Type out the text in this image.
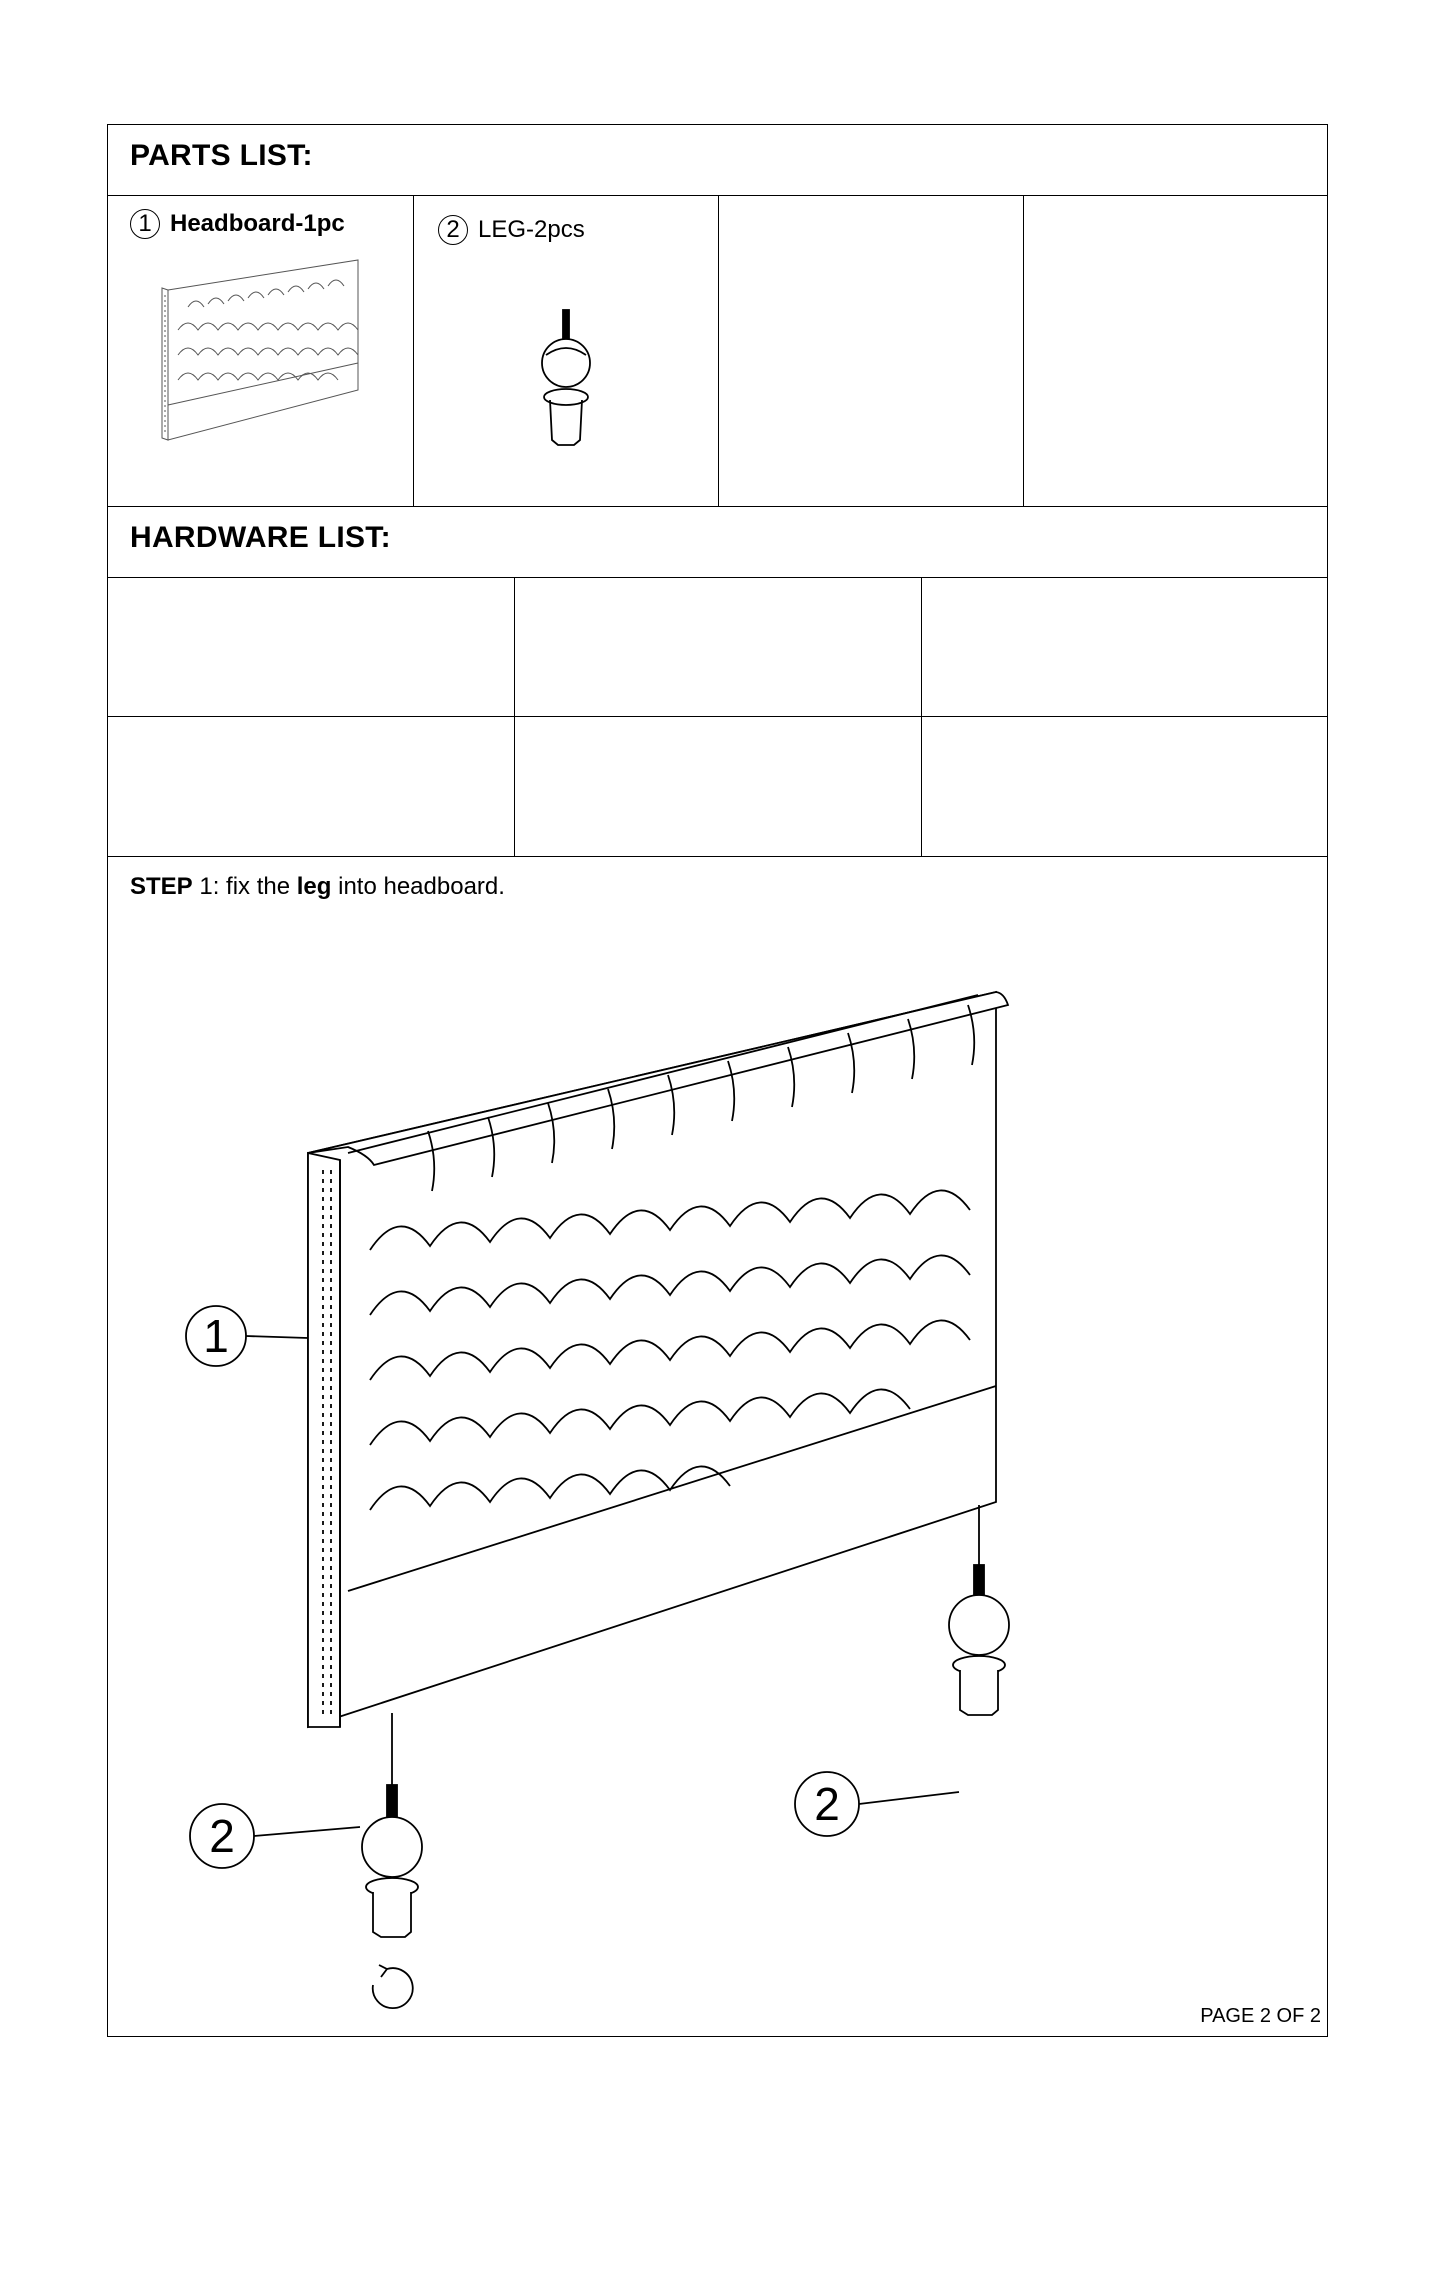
PARTS LIST:
1 Headboard-1pc	2 LEG-2pcs
HARDWARE LIST:
STEP 1: fix the leg into headboard.
1
2
2
PAGE 2 OF 2
